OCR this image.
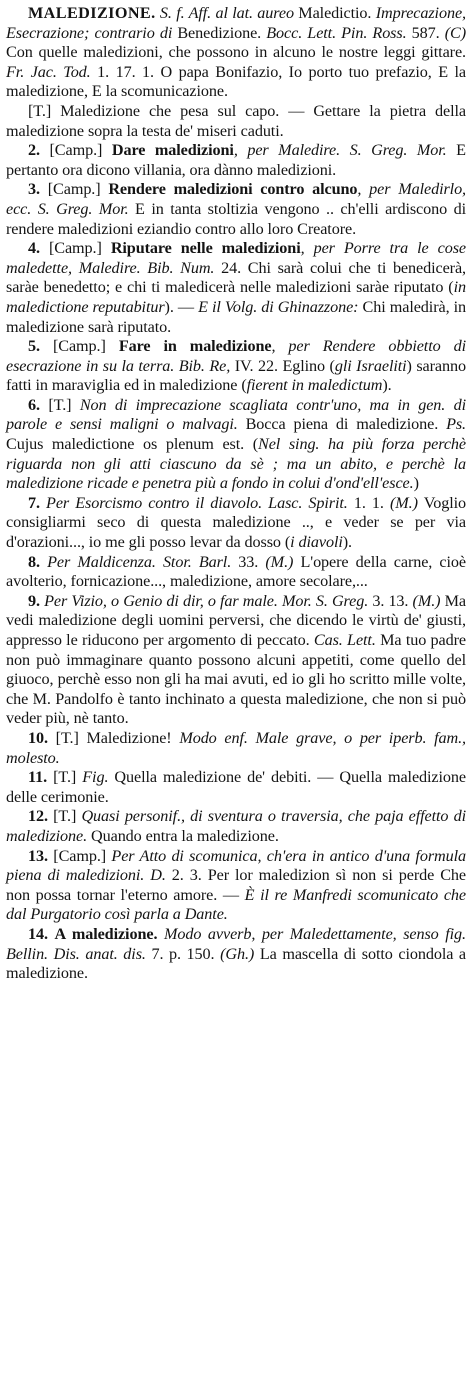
MALEDIZIONE. S. f. Aff. al lat. aureo Maledictio. Imprecazione, Esecrazione; contrario di Benedizione. Bocc. Lett. Pin. Ross. 587. (C) Con quelle maledizioni, che possono in alcuno le nostre leggi gittare. Fr. Jac. Tod. 1. 17. 1. O papa Bonifazio, Io porto tuo prefazio, E la maledizione, E la scomunicazione.

[T.] Maledizione che pesa sul capo. — Gettare la pietra della maledizione sopra la testa de' miseri caduti.

2. [Camp.] Dare maledizioni, per Maledire. S. Greg. Mor. E pertanto ora dicono villania, ora dànno maledizioni.

3. [Camp.] Rendere maledizioni contro alcuno, per Maledirlo, ecc. S. Greg. Mor. E in tanta stoltizia vengono .. ch'elli ardiscono di rendere maledizioni eziandio contro allo loro Creatore.

4. [Camp.] Riputare nelle maledizioni, per Porre tra le cose maledette, Maledire. Bib. Num. 24. Chi sarà colui che ti benedicerà, saràe benedetto; e chi ti maledicerà nelle maledizioni saràe riputato (in maledictione reputabitur). — E il Volg. di Ghinazzone: Chi maledirà, in maledizione sarà riputato.

5. [Camp.] Fare in maledizione, per Rendere obbietto di esecrazione in su la terra. Bib. Re, IV. 22. Eglino (gli Israeliti) saranno fatti in maraviglia ed in maledizione (fierent in maledictum).

6. [T.] Non di imprecazione scagliata contr'uno, ma in gen. di parole e sensi maligni o malvagi. Bocca piena di maledizione. Ps. Cujus maledictione os plenum est. (Nel sing. ha più forza perchè riguarda non gli atti ciascuno da sè ; ma un abito, e perchè la maledizione ricade e penetra più a fondo in colui d'ond'ell'esce.)

7. Per Esorcismo contro il diavolo. Lasc. Spirit. 1. 1. (M.) Voglio consigliarmi seco di questa maledizione .., e veder se per via d'orazioni..., io me gli posso levar da dosso (i diavoli).

8. Per Maldicenza. Stor. Barl. 33. (M.) L'opere della carne, cioè avolterio, fornicazione..., maledizione, amore secolare,...

9. Per Vizio, o Genio di dir, o far male. Mor. S. Greg. 3. 13. (M.) Ma vedi maledizione degli uomini perversi, che dicendo le virtù de' giusti, appresso le riducono per argomento di peccato. Cas. Lett. Ma tuo padre non può immaginare quanto possono alcuni appetiti, come quello del giuoco, perchè esso non gli ha mai avuti, ed io gli ho scritto mille volte, che M. Pandolfo è tanto inchinato a questa maledizione, che non si può veder più, nè tanto.

10. [T.] Maledizione! Modo enf. Male grave, o per iperb. fam., molesto.

11. [T.] Fig. Quella maledizione de' debiti. — Quella maledizione delle cerimonie.

12. [T.] Quasi personif., di sventura o traversia, che paja effetto di maledizione. Quando entra la maledizione.

13. [Camp.] Per Atto di scomunica, ch'era in antico d'una formula piena di maledizioni. D. 2. 3. Per lor maledizion sì non si perde Che non possa tornar l'eterno amore. — È il re Manfredi scomunicato che dal Purgatorio così parla a Dante.

14. A maledizione. Modo avverb, per Maledettamente, senso fig. Bellin. Dis. anat. dis. 7. p. 150. (Gh.) La mascella di sotto ciondola a maledizione.
